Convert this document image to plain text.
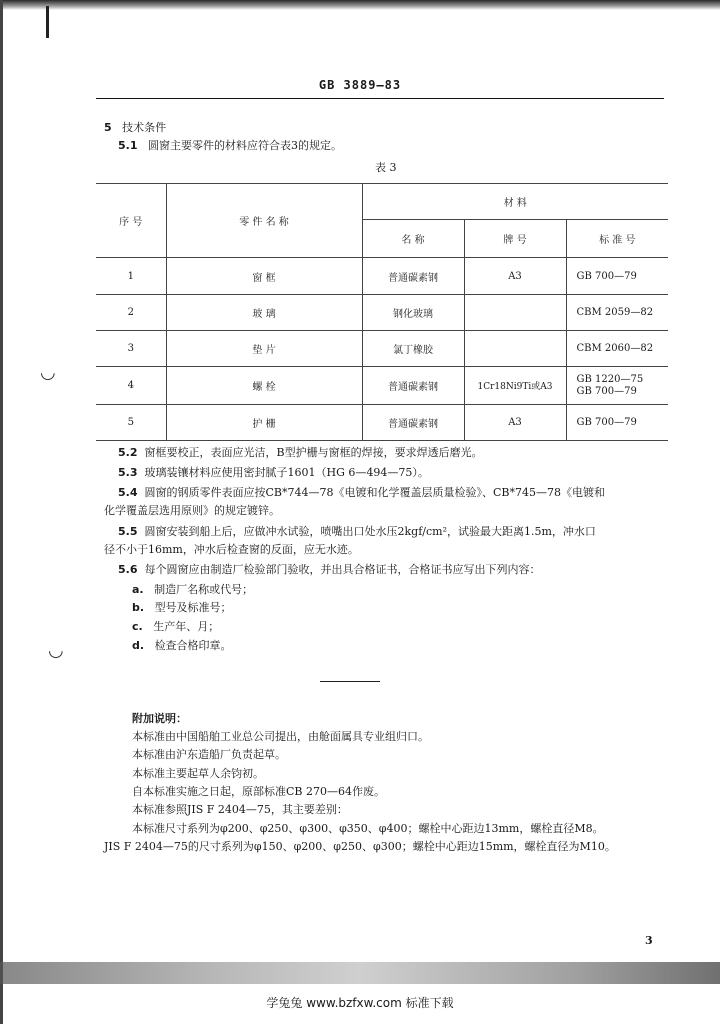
◡
◡
GB 3889—83
5 技术条件
5.1 圆窗主要零件的材料应符合表3的规定。
表 3
序 号	零 件 名 称	材 料		
		名 称	牌 号	标 准 号
1	窗 框	普通碳素钢	A3	GB 700—79
2	玻 璃	钢化玻璃		CBM 2059—82
3	垫 片	氯丁橡胶		CBM 2060—82
4	螺 栓	普通碳素钢	1Cr18Ni9Ti或A3	GB 1220—75
GB 700—79

5	护 栅	普通碳素钢	A3	GB 700—79
5.2 窗框要校正，表面应光洁，B型护栅与窗框的焊接，要求焊透后磨光。
5.3 玻璃装镶材料应使用密封腻子1601（HG 6—494—75）。
5.4 圆窗的钢质零件表面应按CB*744—78《电镀和化学覆盖层质量检验》、CB*745—78《电镀和
化学覆盖层选用原则》的规定镀锌。
5.5 圆窗安装到船上后，应做冲水试验，喷嘴出口处水压2kgf/cm²，试验最大距离1.5m，冲水口
径不小于16mm，冲水后检查窗的反面，应无水迹。
5.6 每个圆窗应由制造厂检验部门验收，并出具合格证书，合格证书应写出下列内容：
a. 制造厂名称或代号；
b. 型号及标准号；
c. 生产年、月；
d. 检查合格印章。
附加说明：
本标准由中国船舶工业总公司提出，由舱面属具专业组归口。
本标准由沪东造船厂负责起草。
本标准主要起草人余钧初。
自本标准实施之日起，原部标准CB 270—64作废。
本标准参照JIS F 2404—75，其主要差别：
本标准尺寸系列为φ200、φ250、φ300、φ350、φ400；螺栓中心距边13mm，螺栓直径M8。
JIS F 2404—75的尺寸系列为φ150、φ200、φ250、φ300；螺栓中心距边15mm，螺栓直径为M10。
3
学兔兔 www.bzfxw.com 标准下载
